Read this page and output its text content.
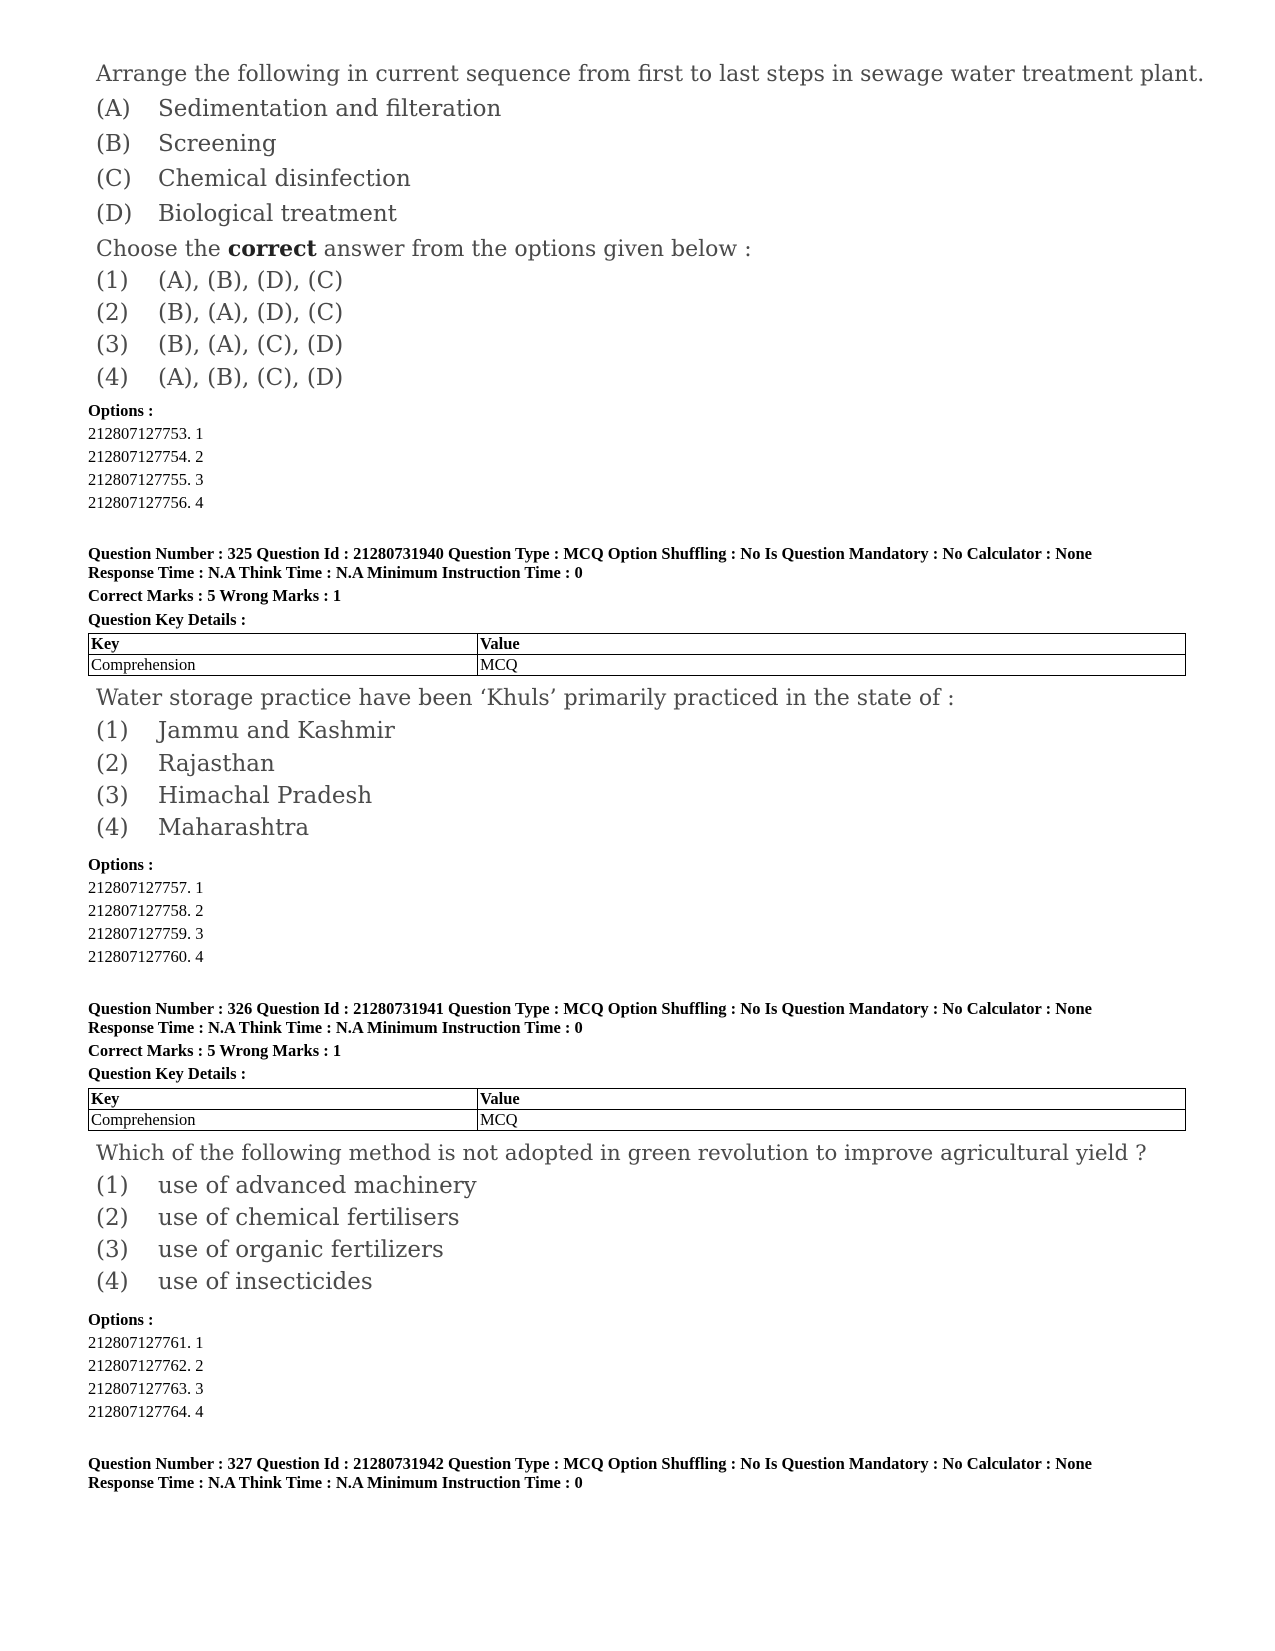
Arrange the following in current sequence from first to last steps in sewage water treatment plant.
(A) Sedimentation and filteration
(B) Screening
(C) Chemical disinfection
(D) Biological treatment
Choose the correct answer from the options given below :
(1) (A), (B), (D), (C)
(2) (B), (A), (D), (C)
(3) (B), (A), (C), (D)
(4) (A), (B), (C), (D)
Options :
212807127753. 1
212807127754. 2
212807127755. 3
212807127756. 4
Question Number : 325 Question Id : 21280731940 Question Type : MCQ Option Shuffling : No Is Question Mandatory : No Calculator : None
Response Time : N.A Think Time : N.A Minimum Instruction Time : 0
Correct Marks : 5 Wrong Marks : 1
Question Key Details :
Key	Value
Comprehension	MCQ
Water storage practice have been ‘Khuls’ primarily practiced in the state of :
(1) Jammu and Kashmir
(2) Rajasthan
(3) Himachal Pradesh
(4) Maharashtra
Options :
212807127757. 1
212807127758. 2
212807127759. 3
212807127760. 4
Question Number : 326 Question Id : 21280731941 Question Type : MCQ Option Shuffling : No Is Question Mandatory : No Calculator : None
Response Time : N.A Think Time : N.A Minimum Instruction Time : 0
Correct Marks : 5 Wrong Marks : 1
Question Key Details :
Key	Value
Comprehension	MCQ
Which of the following method is not adopted in green revolution to improve agricultural yield ?
(1) use of advanced machinery
(2) use of chemical fertilisers
(3) use of organic fertilizers
(4) use of insecticides
Options :
212807127761. 1
212807127762. 2
212807127763. 3
212807127764. 4
Question Number : 327 Question Id : 21280731942 Question Type : MCQ Option Shuffling : No Is Question Mandatory : No Calculator : None
Response Time : N.A Think Time : N.A Minimum Instruction Time : 0
